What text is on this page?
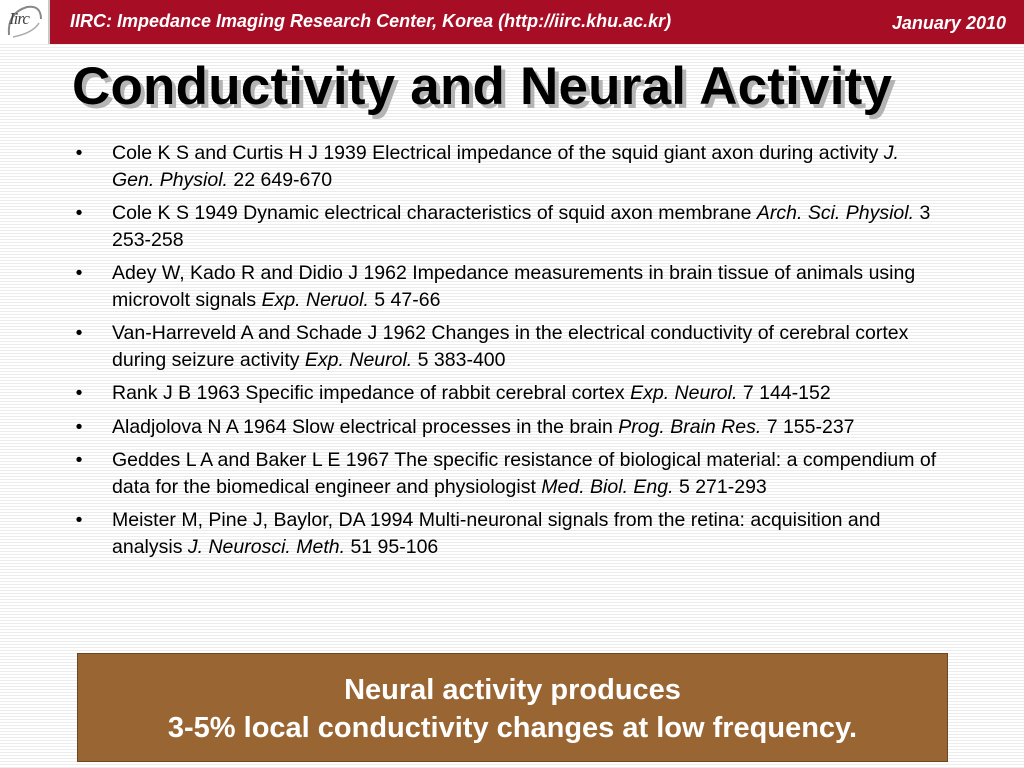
Iirc IIRC: Impedance Imaging Research Center, Korea (http://iirc.khu.ac.kr)	January 2010
Conductivity and Neural Activity
• Cole K S and Curtis H J 1939 Electrical impedance of the squid giant axon during activity J. Gen. Physiol. 22 649-670
• Cole K S 1949 Dynamic electrical characteristics of squid axon membrane Arch. Sci. Physiol. 3 253-258
• Adey W, Kado R and Didio J 1962 Impedance measurements in brain tissue of animals using microvolt signals Exp. Neruol. 5 47-66
• Van-Harreveld A and Schade J 1962 Changes in the electrical conductivity of cerebral cortex during seizure activity Exp. Neurol. 5 383-400
• Rank J B 1963 Specific impedance of rabbit cerebral cortex Exp. Neurol. 7 144-152
• Aladjolova N A 1964 Slow electrical processes in the brain Prog. Brain Res. 7 155-237
• Geddes L A and Baker L E 1967 The specific resistance of biological material: a compendium of data for the biomedical engineer and physiologist Med. Biol. Eng. 5 271-293
• Meister M, Pine J, Baylor, DA 1994 Multi-neuronal signals from the retina: acquisition and analysis J. Neurosci. Meth. 51 95-106
Neural activity produces
3-5% local conductivity changes at low frequency.
